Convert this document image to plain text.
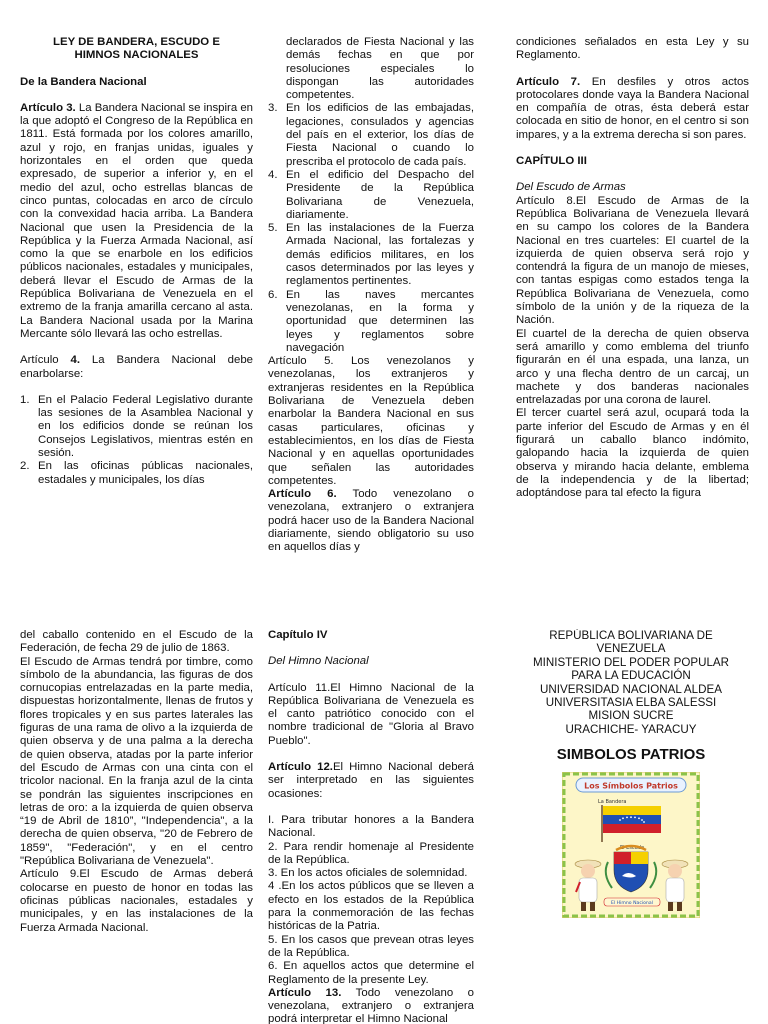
LEY DE BANDERA, ESCUDO E
HIMNOS NACIONALES

De la Bandera Nacional

Artículo 3. La Bandera Nacional se inspira en la que adoptó el Congreso de la República en 1811. Está formada por los colores amarillo, azul y rojo, en franjas unidas, iguales y horizontales en el orden que queda expresado, de superior a inferior y, en el medio del azul, ocho estrellas blancas de cinco puntas, colocadas en arco de círculo con la convexidad hacia arriba. La Bandera Nacional que usen la Presidencia de la República y la Fuerza Armada Nacional, así como la que se enarbole en los edificios públicos nacionales, estadales y municipales, deberá llevar el Escudo de Armas de la República Bolivariana de Venezuela en el extremo de la franja amarilla cercano al asta. La Bandera Nacional usada por la Marina Mercante sólo llevará las ocho estrellas.

Artículo 4. La Bandera Nacional debe enarbolarse:

1. En el Palacio Federal Legislativo durante las sesiones de la Asamblea Nacional y en los edificios donde se reúnan los Consejos Legislativos, mientras estén en sesión.
2. En las oficinas públicas nacionales, estadales y municipales, los días

declarados de Fiesta Nacional y las demás fechas en que por resoluciones especiales lo dispongan las autoridades competentes.

3. En los edificios de las embajadas, legaciones, consulados y agencias del país en el exterior, los días de Fiesta Nacional o cuando lo prescriba el protocolo de cada país.
4. En el edificio del Despacho del Presidente de la República Bolivariana de Venezuela, diariamente.
5. En las instalaciones de la Fuerza Armada Nacional, las fortalezas y demás edificios militares, en los casos determinados por las leyes y reglamentos pertinentes.
6. En las naves mercantes venezolanas, en la forma y oportunidad que determinen las leyes y reglamentos sobre navegación

Artículo 5. Los venezolanos y venezolanas, los extranjeros y extranjeras residentes en la República Bolivariana de Venezuela deben enarbolar la Bandera Nacional en sus casas particulares, oficinas y establecimientos, en los días de Fiesta Nacional y en aquellas oportunidades que señalen las autoridades competentes.

Artículo 6. Todo venezolano o venezolana, extranjero o extranjera podrá hacer uso de la Bandera Nacional diariamente, siendo obligatorio su uso en aquellos días y

condiciones señalados en esta Ley y su Reglamento.

Artículo 7. En desfiles y otros actos protocolares donde vaya la Bandera Nacional en compañía de otras, ésta deberá estar colocada en sitio de honor, en el centro si son impares, y a la extrema derecha si son pares.

CAPÍTULO III

Del Escudo de Armas

Artículo 8.El Escudo de Armas de la República Bolivariana de Venezuela llevará en su campo los colores de la Bandera Nacional en tres cuarteles: El cuartel de la izquierda de quien observa será rojo y contendrá la figura de un manojo de mieses, con tantas espigas como estados tenga la República Bolivariana de Venezuela, como símbolo de la unión y de la riqueza de la Nación.

El cuartel de la derecha de quien observa será amarillo y como emblema del triunfo figurarán en él una espada, una lanza, un arco y una flecha dentro de un carcaj, un machete y dos banderas nacionales entrelazadas por una corona de laurel.

El tercer cuartel será azul, ocupará toda la parte inferior del Escudo de Armas y en él figurará un caballo blanco indómito, galopando hacia la izquierda de quien observa y mirando hacia delante, emblema de la independencia y de la libertad; adoptándose para tal efecto la figura

del caballo contenido en el Escudo de la Federación, de fecha 29 de julio de 1863.

El Escudo de Armas tendrá por timbre, como símbolo de la abundancia, las figuras de dos cornucopias entrelazadas en la parte media, dispuestas horizontalmente, llenas de frutos y flores tropicales y en sus partes laterales las figuras de una rama de olivo a la izquierda de quien observa y de una palma a la derecha de quien observa, atadas por la parte inferior del Escudo de Armas con una cinta con el tricolor nacional. En la franja azul de la cinta se pondrán las siguientes inscripciones en letras de oro: a la izquierda de quien observa “19 de Abril de 1810”, "Independencia", a la derecha de quien observa, "20 de Febrero de 1859", "Federación", y en el centro "República Bolivariana de Venezuela".

Artículo 9.El Escudo de Armas deberá colocarse en puesto de honor en todas las oficinas públicas nacionales, estadales y municipales, y en las instalaciones de la Fuerza Armada Nacional.

Capítulo IV

Del Himno Nacional

Artículo 11.El Himno Nacional de la República Bolivariana de Venezuela es el canto patriótico conocido con el nombre tradicional de "Gloria al Bravo Pueblo".

Artículo 12.El Himno Nacional deberá ser interpretado en las siguientes ocasiones:

I. Para tributar honores a la Bandera Nacional.

2. Para rendir homenaje al Presidente de la República.

3. En los actos oficiales de solemnidad.

4 .En los actos públicos que se lleven a efecto en los estados de la República para la conmemoración de las fechas históricas de la Patria.

5. En los casos que prevean otras leyes de la República.

6. En aquellos actos que determine el Reglamento de la presente Ley.

Artículo 13. Todo venezolano o venezolana, extranjero o extranjera podrá interpretar el Himno Nacional

REPÚBLICA BOLIVARIANA DE
VENEZUELA
MINISTERIO DEL PODER POPULAR
PARA LA EDUCACIÓN
UNIVERSIDAD NACIONAL ALDEA
UNIVERSITASIA ELBA SALESSI
MISION SUCRE
URACHICHE- YARACUY
SIMBOLOS PATRIOS
Los Símbolos Patrios
La Bandera
El Escudo
El Himno Nacional
